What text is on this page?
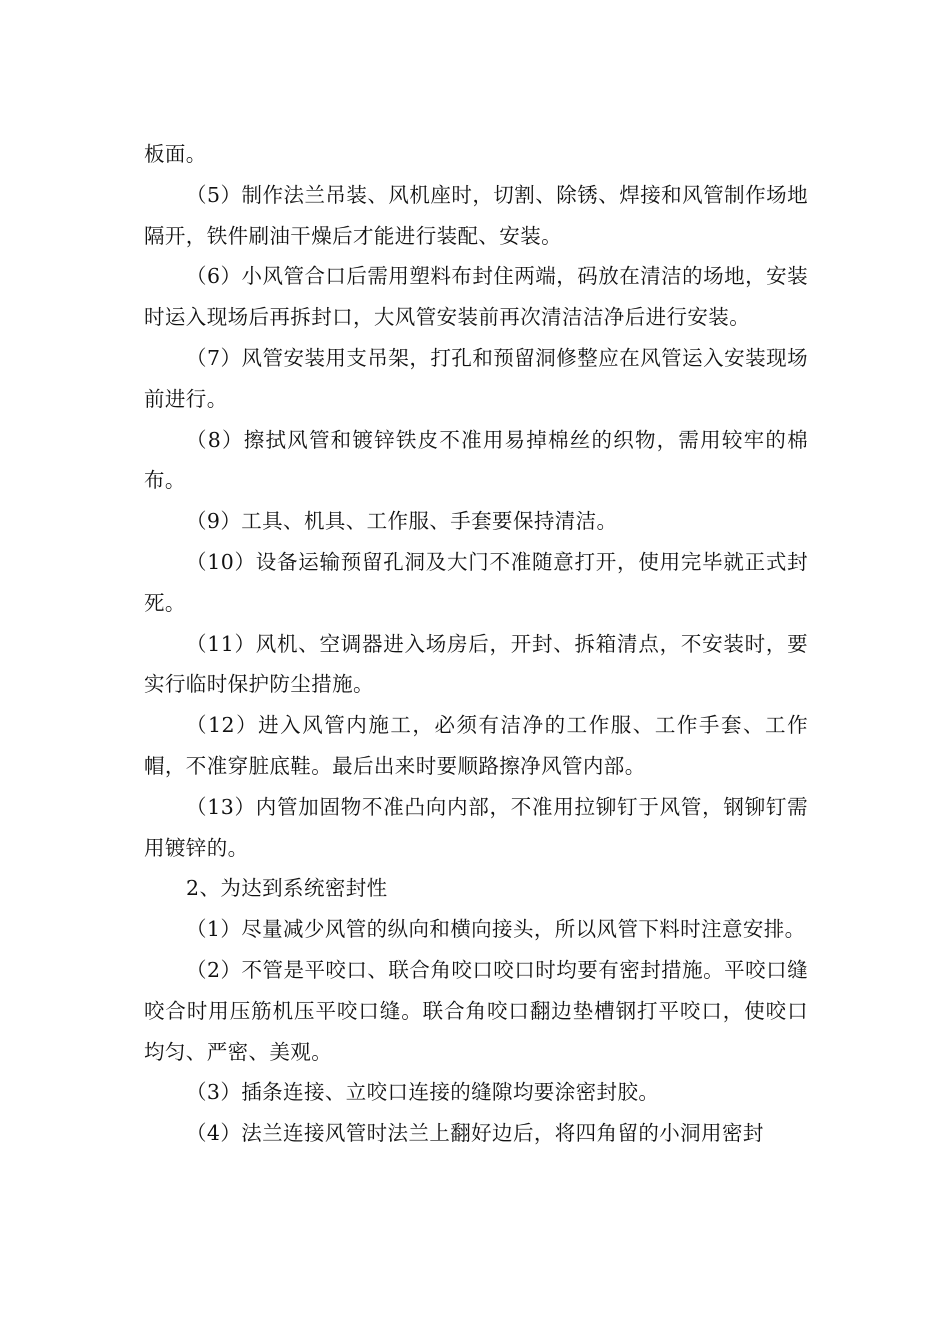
板面。

（5）制作法兰吊装、风机座时，切割、除锈、焊接和风管制作场地隔开，铁件刷油干燥后才能进行装配、安装。

（6）小风管合口后需用塑料布封住两端，码放在清洁的场地，安装时运入现场后再拆封口，大风管安装前再次清洁洁净后进行安装。

（7）风管安装用支吊架，打孔和预留洞修整应在风管运入安装现场前进行。

（8）擦拭风管和镀锌铁皮不准用易掉棉丝的织物，需用较牢的棉布。

（9）工具、机具、工作服、手套要保持清洁。

（10）设备运输预留孔洞及大门不准随意打开，使用完毕就正式封死。

（11）风机、空调器进入场房后，开封、拆箱清点，不安装时，要实行临时保护防尘措施。

（12）进入风管内施工，必须有洁净的工作服、工作手套、工作帽，不准穿脏底鞋。最后出来时要顺路擦净风管内部。

（13）内管加固物不准凸向内部，不准用拉铆钉于风管，钢铆钉需用镀锌的。

2、为达到系统密封性

（1）尽量减少风管的纵向和横向接头，所以风管下料时注意安排。

（2）不管是平咬口、联合角咬口咬口时均要有密封措施。平咬口缝咬合时用压筋机压平咬口缝。联合角咬口翻边垫槽钢打平咬口，使咬口均匀、严密、美观。

（3）插条连接、立咬口连接的缝隙均要涂密封胶。

（4）法兰连接风管时法兰上翻好边后，将四角留的小洞用密封
